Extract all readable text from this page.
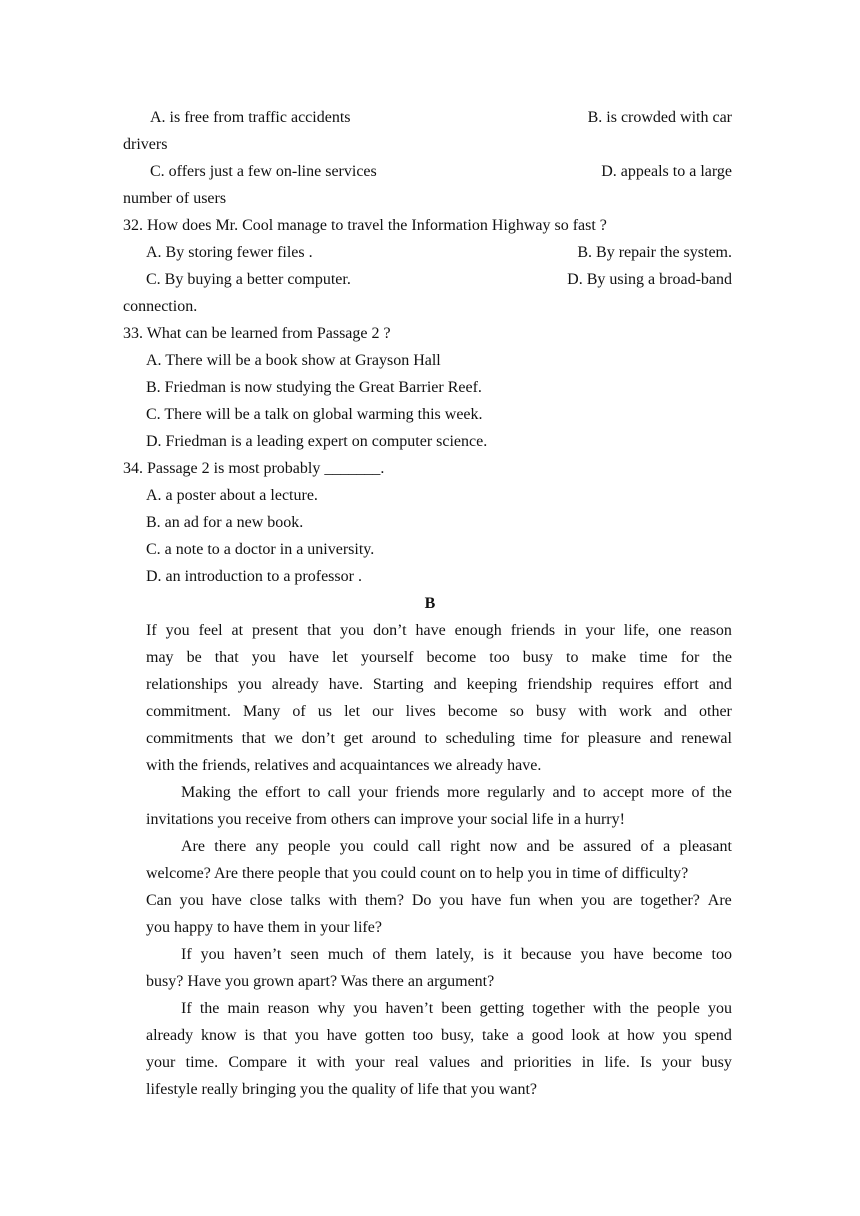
A. is free from traffic accidents	B. is crowded with car
drivers
C. offers just a few on-line services	D. appeals to a large
number of users
32. How does Mr. Cool manage to travel the Information Highway so fast ?
A. By storing fewer files .	B. By repair the system.
C. By buying a better computer.	D. By using a broad-band
connection.
33. What can be learned from Passage 2 ?
A. There will be a book show at Grayson Hall
B. Friedman is now studying the Great Barrier Reef.
C. There will be a talk on global warming this week.
D. Friedman is a leading expert on computer science.
34. Passage 2 is most probably _______.
A. a poster about a lecture.
B. an ad for a new book.
C. a note to a doctor in a university.
D. an introduction to a professor .
B
If you feel at present that you don’t have enough friends in your life, one reason
may be that you have let yourself become too busy to make time for the
relationships you already have. Starting and keeping friendship requires effort and
commitment. Many of us let our lives become so busy with work and other
commitments that we don’t get around to scheduling time for pleasure and renewal
with the friends, relatives and acquaintances we already have.
Making the effort to call your friends more regularly and to accept more of the
invitations you receive from others can improve your social life in a hurry!
Are there any people you could call right now and be assured of a pleasant
welcome? Are there people that you could count on to help you in time of difficulty?
Can you have close talks with them? Do you have fun when you are together? Are
you happy to have them in your life?
If you haven’t seen much of them lately, is it because you have become too
busy? Have you grown apart? Was there an argument?
If the main reason why you haven’t been getting together with the people you
already know is that you have gotten too busy, take a good look at how you spend
your time. Compare it with your real values and priorities in life. Is your busy
lifestyle really bringing you the quality of life that you want?
